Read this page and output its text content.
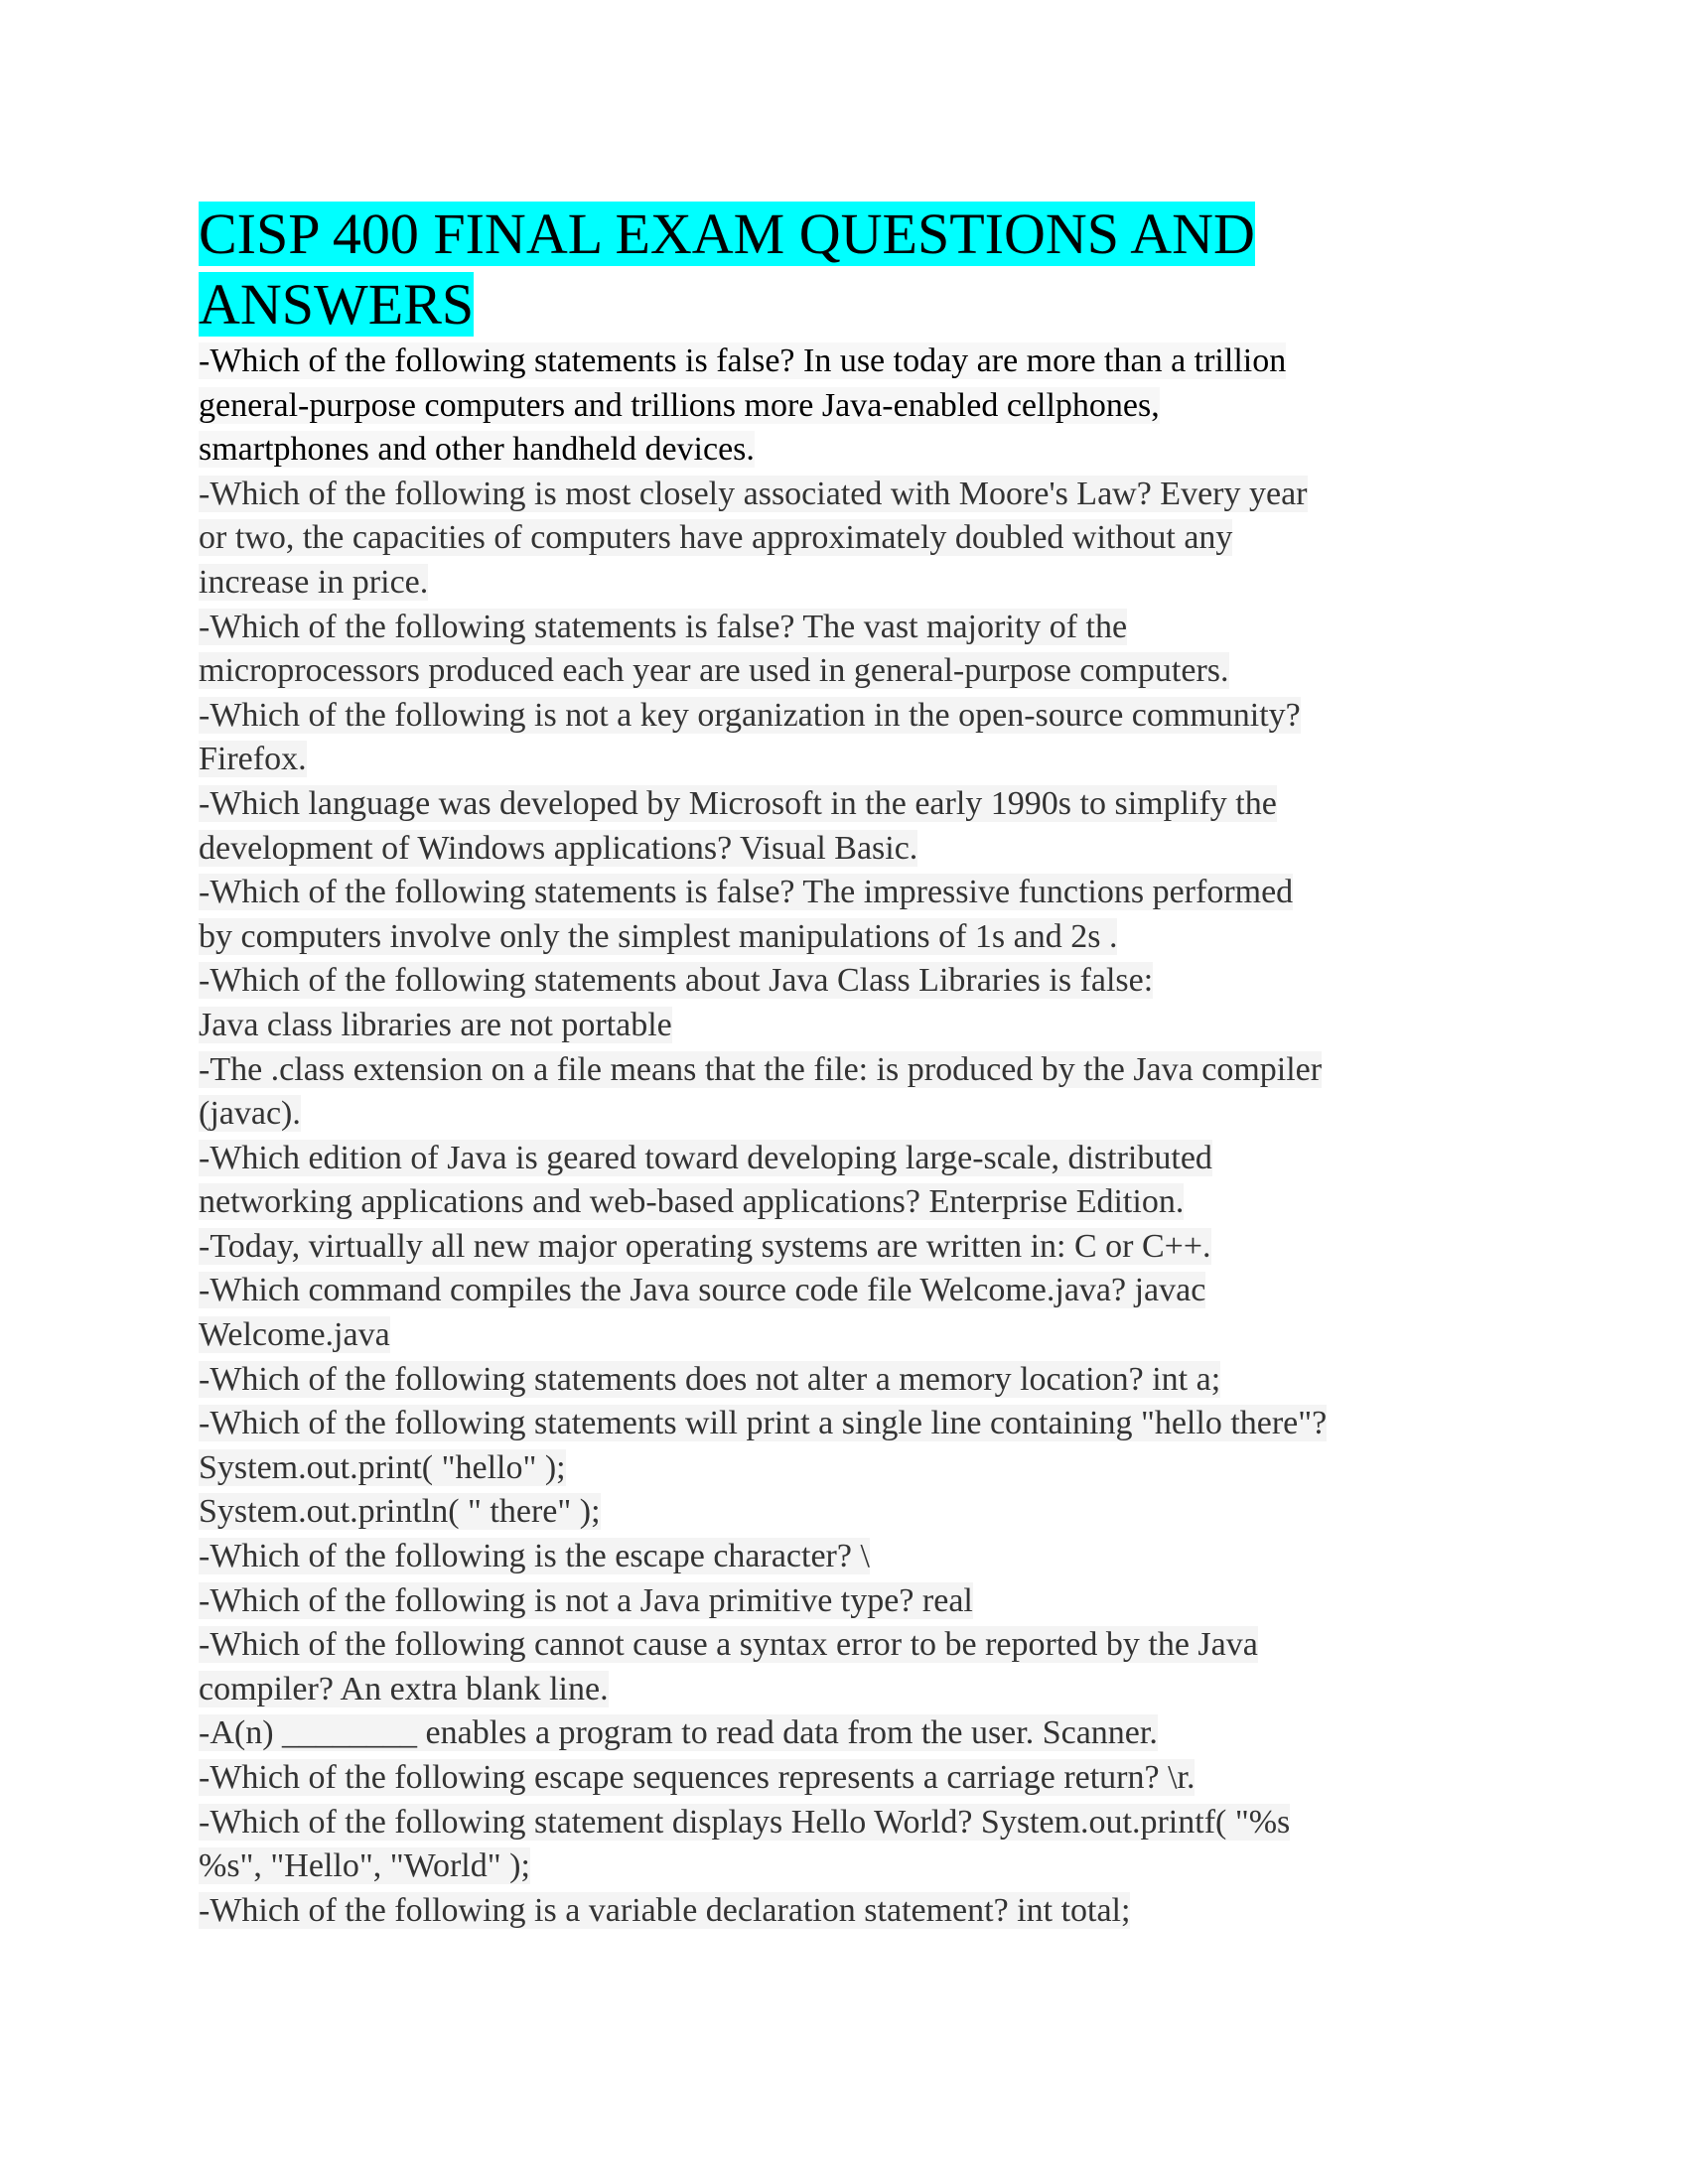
CISP 400 FINAL EXAM QUESTIONS AND
ANSWERS
-Which of the following statements is false? In use today are more than a trillion
general-purpose computers and trillions more Java-enabled cellphones,
smartphones and other handheld devices.
-Which of the following is most closely associated with Moore's Law? Every year
or two, the capacities of computers have approximately doubled without any
increase in price.
-Which of the following statements is false? The vast majority of the
microprocessors produced each year are used in general-purpose computers.
-Which of the following is not a key organization in the open-source community?
Firefox.
-Which language was developed by Microsoft in the early 1990s to simplify the
development of Windows applications? Visual Basic.
-Which of the following statements is false? The impressive functions performed
by computers involve only the simplest manipulations of 1s and 2s .
-Which of the following statements about Java Class Libraries is false:
Java class libraries are not portable
-The .class extension on a file means that the file: is produced by the Java compiler
(javac).
-Which edition of Java is geared toward developing large-scale, distributed
networking applications and web-based applications? Enterprise Edition.
-Today, virtually all new major operating systems are written in: C or C++.
-Which command compiles the Java source code file Welcome.java? javac
Welcome.java
-Which of the following statements does not alter a memory location? int a;
-Which of the following statements will print a single line containing "hello there"?
System.out.print( "hello" );
System.out.println( " there" );
-Which of the following is the escape character? \
-Which of the following is not a Java primitive type? real
-Which of the following cannot cause a syntax error to be reported by the Java
compiler? An extra blank line.
-A(n) ________ enables a program to read data from the user. Scanner.
-Which of the following escape sequences represents a carriage return? \r.
-Which of the following statement displays Hello World? System.out.printf( "%s
%s", "Hello", "World" );
-Which of the following is a variable declaration statement? int total;
